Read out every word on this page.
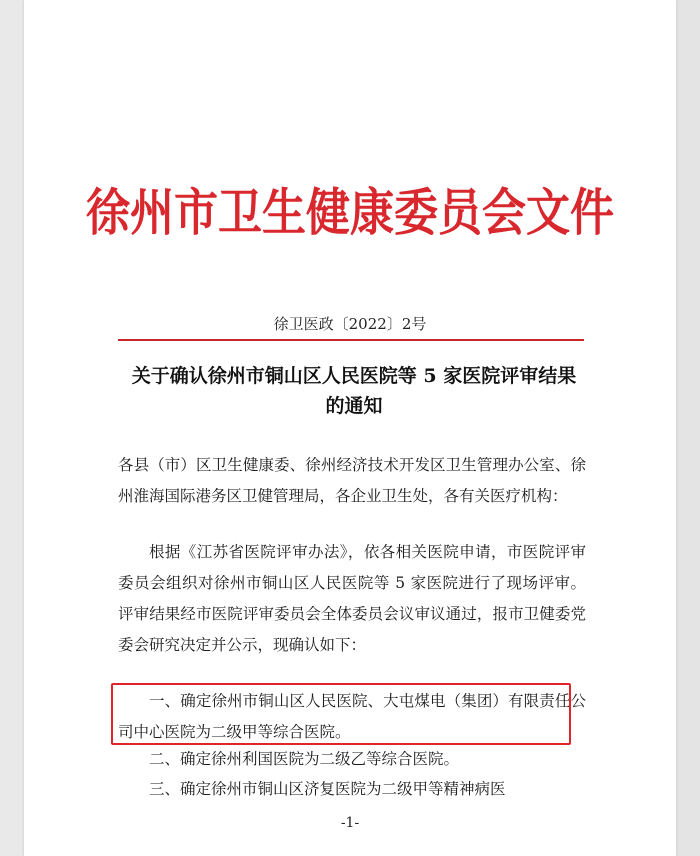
徐州市卫生健康委员会文件
徐卫医政〔2022〕2号
关于确认徐州市铜山区人民医院等 5 家医院评审结果的通知
各县（市）区卫生健康委、徐州经济技术开发区卫生管理办公室、徐州淮海国际港务区卫健管理局，各企业卫生处，各有关医疗机构：
根据《江苏省医院评审办法》，依各相关医院申请，市医院评审委员会组织对徐州市铜山区人民医院等 5 家医院进行了现场评审。评审结果经市医院评审委员会全体委员会议审议通过，报市卫健委党委会研究决定并公示，现确认如下：
一、确定徐州市铜山区人民医院、大屯煤电（集团）有限责任公司中心医院为二级甲等综合医院。
二、确定徐州利国医院为二级乙等综合医院。
三、确定徐州市铜山区济复医院为二级甲等精神病医
-1-
